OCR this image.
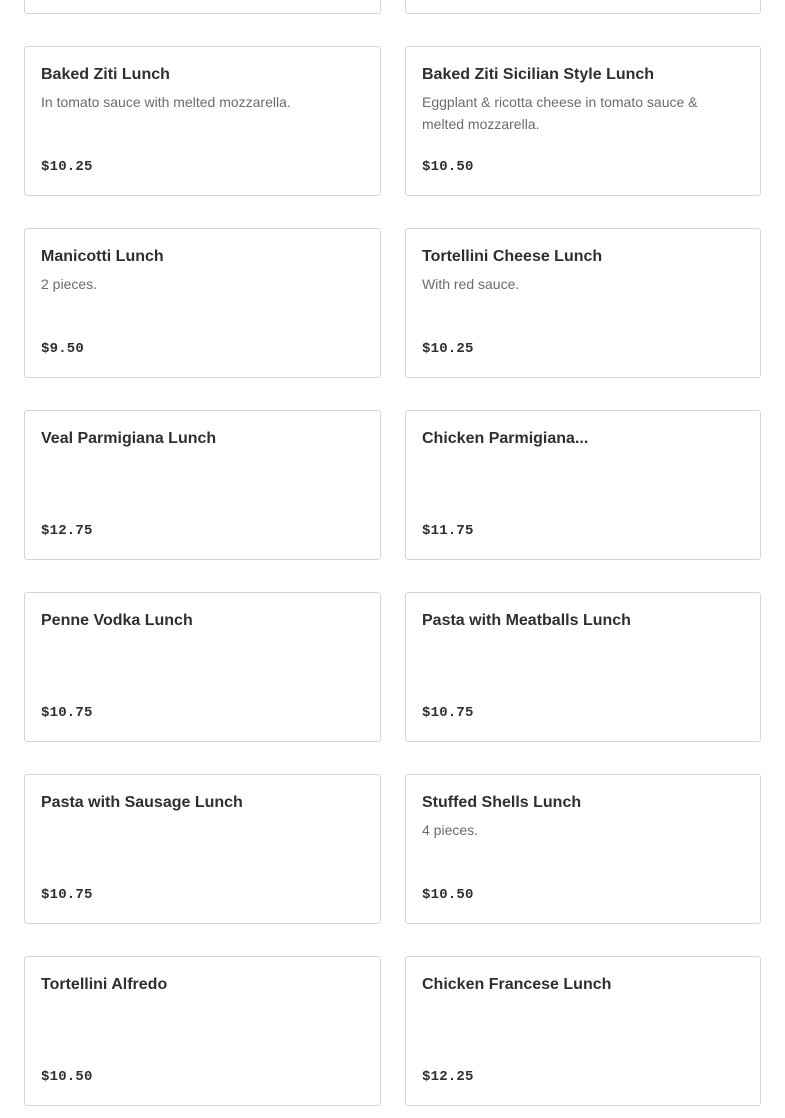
Baked Ziti Lunch
In tomato sauce with melted mozzarella.
$10.25
Baked Ziti Sicilian Style Lunch
Eggplant & ricotta cheese in tomato sauce & melted mozzarella.
$10.50
Manicotti Lunch
2 pieces.
$9.50
Tortellini Cheese Lunch
With red sauce.
$10.25
Veal Parmigiana Lunch
$12.75
Chicken Parmigiana...
$11.75
Penne Vodka Lunch
$10.75
Pasta with Meatballs Lunch
$10.75
Pasta with Sausage Lunch
$10.75
Stuffed Shells Lunch
4 pieces.
$10.50
Tortellini Alfredo
$10.50
Chicken Francese Lunch
$12.25
